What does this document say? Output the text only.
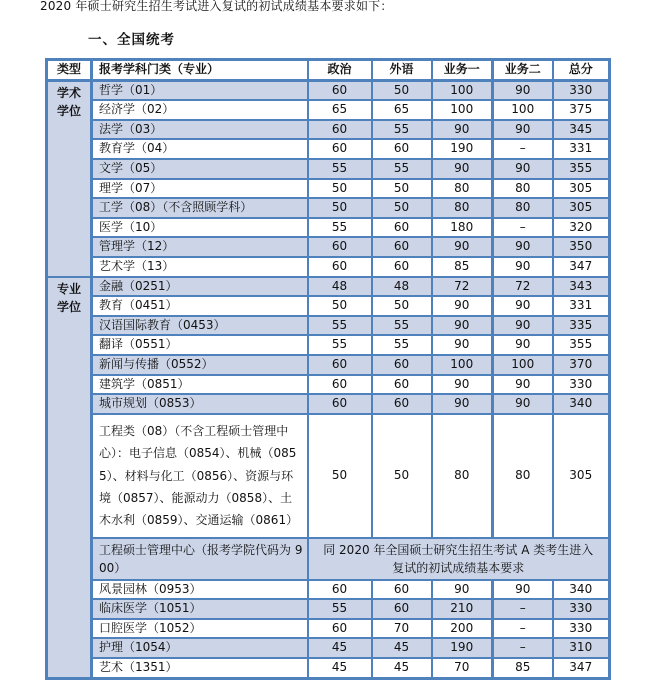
2020 年硕士研究生招生考试进入复试的初试成绩基本要求如下：

一、全国统考
类型	报考学科门类（专业）	政治	外语	业务一	业务二	总分
学术学位	哲学（01）	60	50	100	90	330
	经济学（02）	65	65	100	100	375
	法学（03）	60	55	90	90	345
	教育学（04）	60	60	190	–	331
	文学（05）	55	55	90	90	355
	理学（07）	50	50	80	80	305
	工学（08）（不含照顾学科）	50	50	80	80	305
	医学（10）	55	60	180	–	320
	管理学（12）	60	60	90	90	350
	艺术学（13）	60	60	85	90	347
专业学位	金融（0251）	48	48	72	72	343
	教育（0451）	50	50	90	90	331
	汉语国际教育（0453）	55	55	90	90	335
	翻译（0551）	55	55	90	90	355
	新闻与传播（0552）	60	60	100	100	370
	建筑学（0851）	60	60	90	90	330
	城市规划（0853）	60	60	90	90	340
	工程类（08）（不含工程硕士管理中心）：电子信息（0854）、机械（0855）、材料与化工（0856）、资源与环境（0857）、能源动力（0858）、土木水利（0859）、交通运输（0861）	50	50	80	80	305
	工程硕士管理中心（报考学院代码为 900）	同 2020 年全国硕士研究生招生考试 A 类考生进入复试的初试成绩基本要求				
	风景园林（0953）	60	60	90	90	340
	临床医学（1051）	55	60	210	–	330
	口腔医学（1052）	60	70	200	–	330
	护理（1054）	45	45	190	–	310
	艺术（1351）	45	45	70	85	347
